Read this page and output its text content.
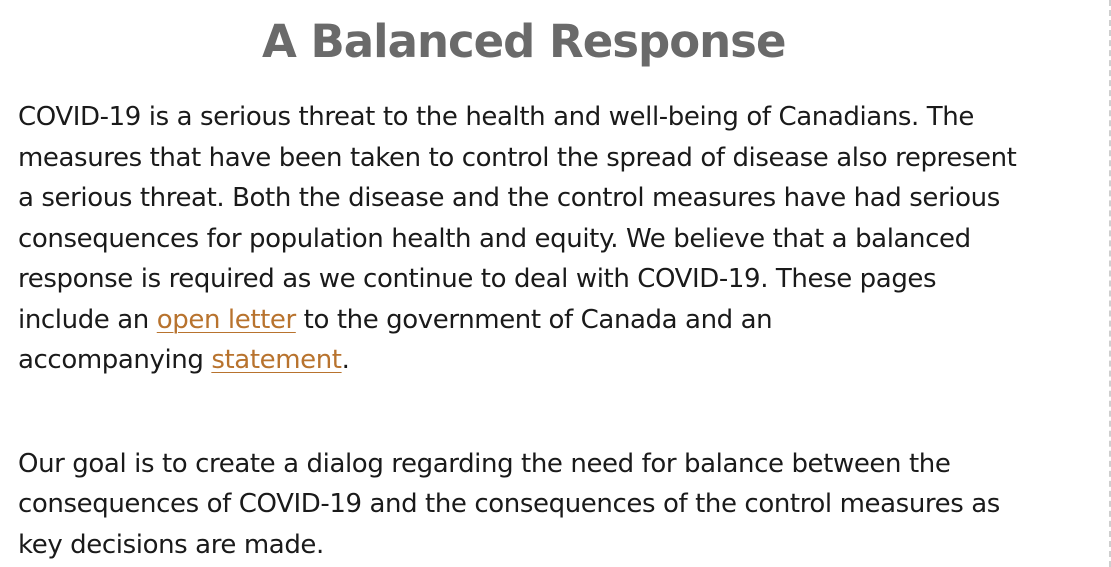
A Balanced Response

COVID-19 is a serious threat to the health and well-being of Canadians. The
measures that have been taken to control the spread of disease also represent
a serious threat. Both the disease and the control measures have had serious
consequences for population health and equity. We believe that a balanced
response is required as we continue to deal with COVID-19. These pages
include an open letter to the government of Canada and an
accompanying statement.

Our goal is to create a dialog regarding the need for balance between the
consequences of COVID-19 and the consequences of the control measures as
key decisions are made.
